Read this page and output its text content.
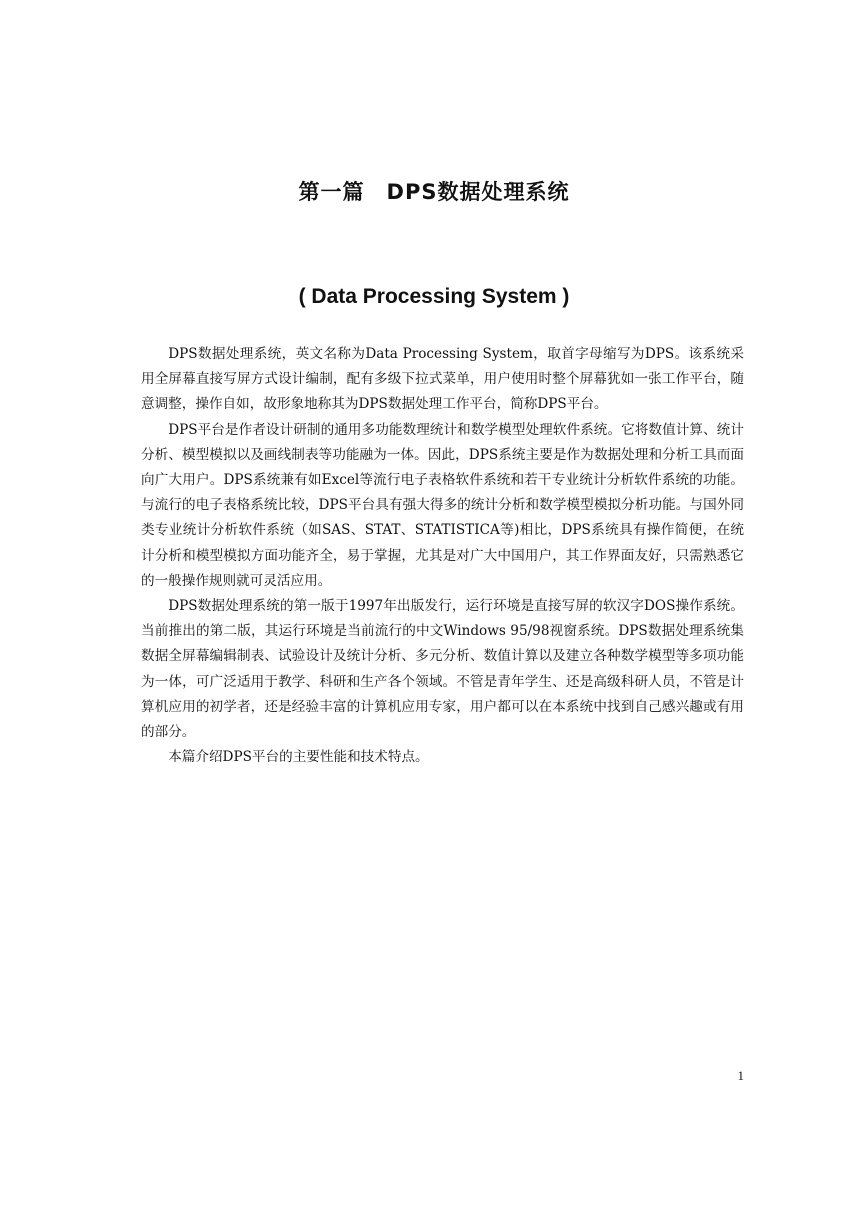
第一篇　DPS数据处理系统
( Data Processing System )

DPS数据处理系统，英文名称为Data Processing System，取首字母缩写为DPS。该系统采用全屏幕直接写屏方式设计编制，配有多级下拉式菜单，用户使用时整个屏幕犹如一张工作平台，随意调整，操作自如，故形象地称其为DPS数据处理工作平台，简称DPS平台。

DPS平台是作者设计研制的通用多功能数理统计和数学模型处理软件系统。它将数值计算、统计分析、模型模拟以及画线制表等功能融为一体。因此，DPS系统主要是作为数据处理和分析工具而面向广大用户。DPS系统兼有如Excel等流行电子表格软件系统和若干专业统计分析软件系统的功能。与流行的电子表格系统比较，DPS平台具有强大得多的统计分析和数学模型模拟分析功能。与国外同类专业统计分析软件系统（如SAS、STAT、STATISTICA等)相比，DPS系统具有操作简便，在统计分析和模型模拟方面功能齐全，易于掌握，尤其是对广大中国用户，其工作界面友好，只需熟悉它的一般操作规则就可灵活应用。

DPS数据处理系统的第一版于1997年出版发行，运行环境是直接写屏的软汉字DOS操作系统。当前推出的第二版，其运行环境是当前流行的中文Windows 95/98视窗系统。DPS数据处理系统集数据全屏幕编辑制表、试验设计及统计分析、多元分析、数值计算以及建立各种数学模型等多项功能为一体，可广泛适用于教学、科研和生产各个领域。不管是青年学生、还是高级科研人员，不管是计算机应用的初学者，还是经验丰富的计算机应用专家，用户都可以在本系统中找到自己感兴趣或有用的部分。

本篇介绍DPS平台的主要性能和技术特点。

1
